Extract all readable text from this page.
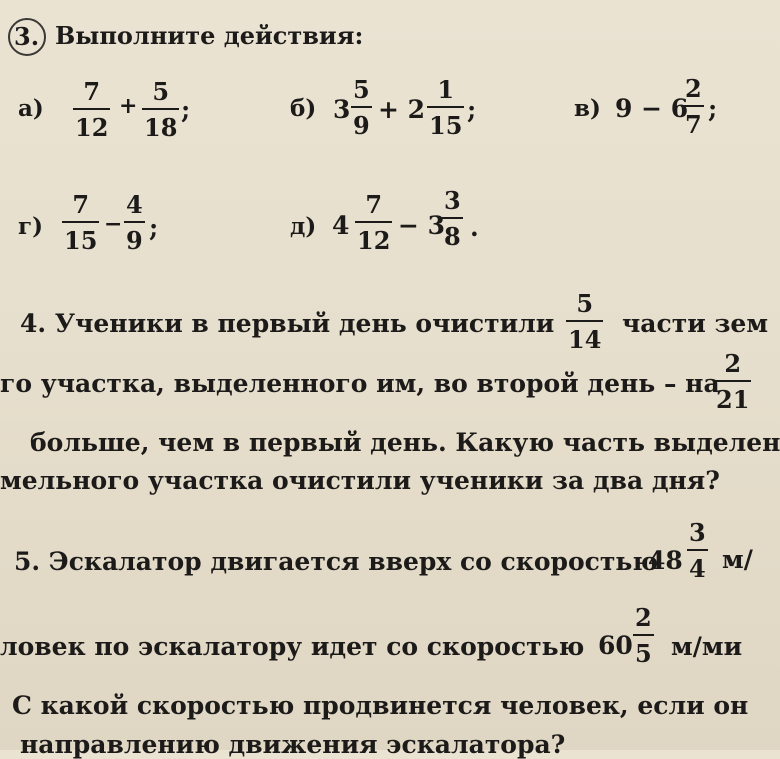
3. Выполните действия:
а)
7
12
+ 5
18
;	б) 3
5
9
+ 2
1
15
;	в) 9 − 6
2
7
;
г)
7
15
−
4
9 ;	д) 4
7
12
− 3
3
8 .
4. Ученики в первый день очистили
5
14
части зем
го участка, выделенного им, во второй день – на
2
21
больше, чем в первый день. Какую часть выделен
мельного участка очистили ученики за два дня?
5. Эскалатор двигается вверх со скоростью
48
3
4 м/
ловек по эскалатору идет со скоростью 60
2
5 м/ми
С какой скоростью продвинется человек, если он
направлению движения эскалатора?
